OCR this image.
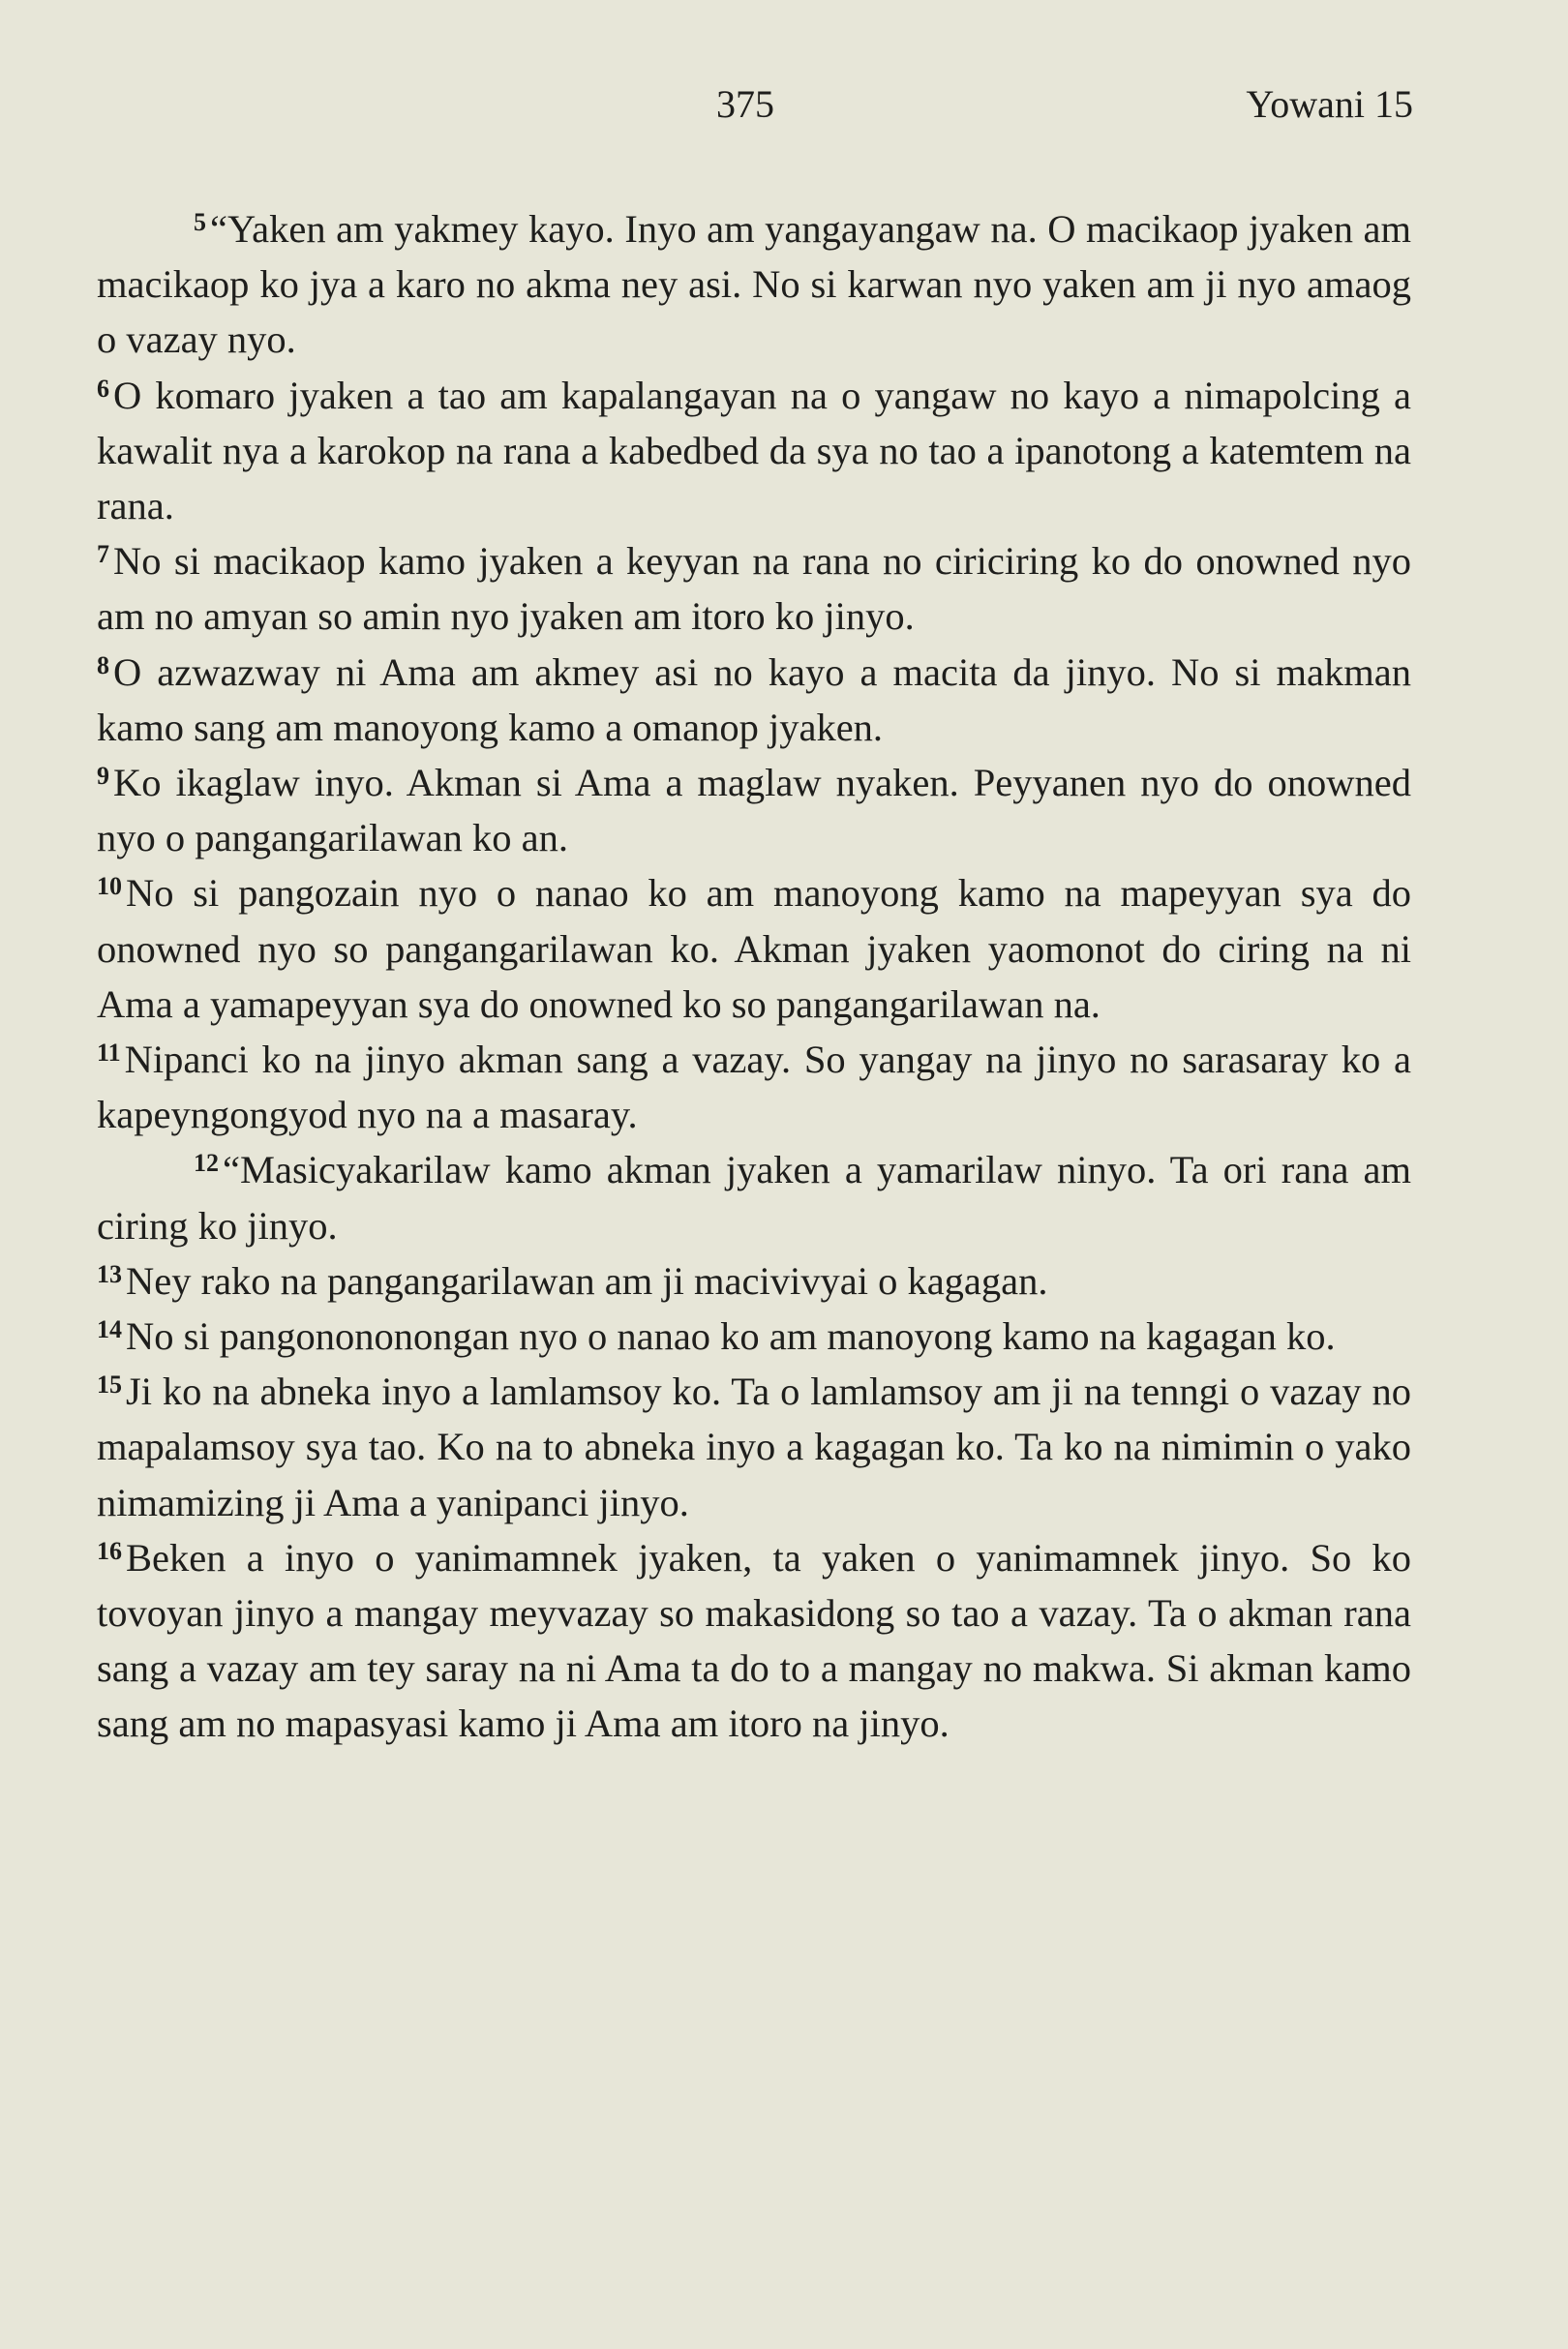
375	Yowani 15

$^5$“Yaken am yakmey kayo. Inyo am yangayangaw na. O macikaop jyaken am macikaop ko jya a karo no akma ney asi. No si karwan nyo yaken am ji nyo amaog o vazay nyo.

$^6$O komaro jyaken a tao am kapalangayan na o yangaw no kayo a nimapolcing a kawalit nya a karokop na rana a kabedbed da sya no tao a ipanotong a katemtem na rana.

$^7$No si macikaop kamo jyaken a keyyan na rana no ciriciring ko do onowned nyo am no amyan so amin nyo jyaken am itoro ko jinyo.

$^8$O azwazway ni Ama am akmey asi no kayo a macita da jinyo. No si makman kamo sang am manoyong kamo a omanop jyaken.

$^9$Ko ikaglaw inyo. Akman si Ama a maglaw nyaken. Peyyanen nyo do onowned nyo o pangangarilawan ko an.

$^{10}$No si pangozain nyo o nanao ko am manoyong kamo na mapeyyan sya do onowned nyo so pangangarilawan ko. Akman jyaken yaomonot do ciring na ni Ama a yamapeyyan sya do onowned ko so pangangarilawan na.

$^{11}$Nipanci ko na jinyo akman sang a vazay. So yangay na jinyo no sarasaray ko a kapeyngongyod nyo na a masaray.

$^{12}$“Masicyakarilaw kamo akman jyaken a yamarilaw ninyo. Ta ori rana am ciring ko jinyo.

$^{13}$Ney rako na pangangarilawan am ji macivivyai o kagagan.

$^{14}$No si pangonononongan nyo o nanao ko am manoyong kamo na kagagan ko.

$^{15}$Ji ko na abneka inyo a lamlamsoy ko. Ta o lamlamsoy am ji na tenngi o vazay no mapalamsoy sya tao. Ko na to abneka inyo a kagagan ko. Ta ko na nimimin o yako nimamizing ji Ama a yanipanci jinyo.

$^{16}$Beken a inyo o yanimamnek jyaken, ta yaken o yanimamnek jinyo. So ko tovoyan jinyo a mangay meyvazay so makasidong so tao a vazay. Ta o akman rana sang a vazay am tey saray na ni Ama ta do to a mangay no makwa. Si akman kamo sang am no mapasyasi kamo ji Ama am itoro na jinyo.
